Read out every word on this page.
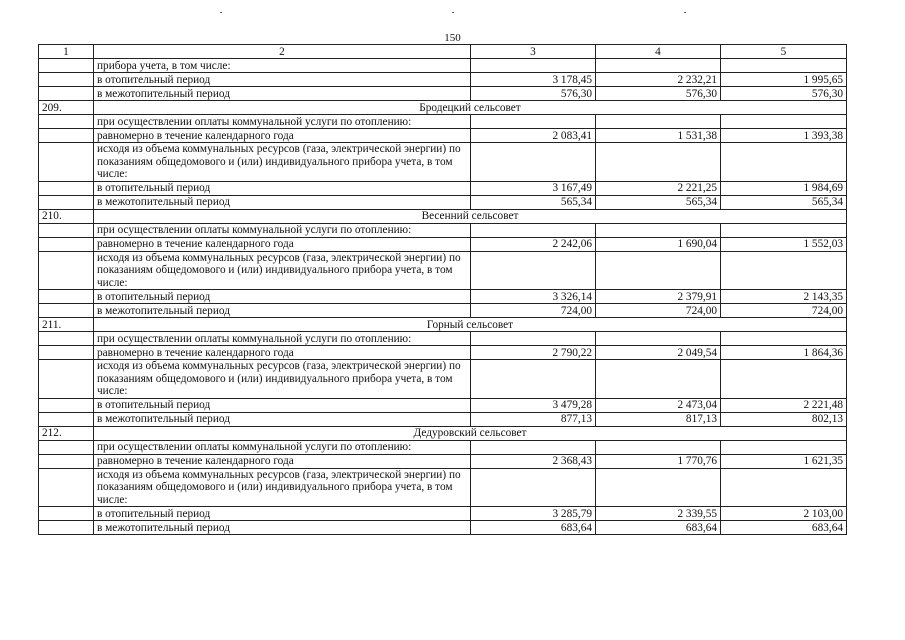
150
1	2	3	4	5
	прибора учета, в том числе:			
	в отопительный период	3 178,45	2 232,21	1 995,65
	в межотопительный период	576,30	576,30	576,30
209.	Бродецкий сельсовет			
	при осуществлении оплаты коммунальной услуги по отоплению:			
	равномерно в течение календарного года	2 083,41	1 531,38	1 393,38
	исходя из объема коммунальных ресурсов (газа, электрической энергии) по показаниям общедомового и (или) индивидуального прибора учета, в том числе:			
	в отопительный период	3 167,49	2 221,25	1 984,69
	в межотопительный период	565,34	565,34	565,34
210.	Весенний сельсовет			
	при осуществлении оплаты коммунальной услуги по отоплению:			
	равномерно в течение календарного года	2 242,06	1 690,04	1 552,03
	исходя из объема коммунальных ресурсов (газа, электрической энергии) по показаниям общедомового и (или) индивидуального прибора учета, в том числе:			
	в отопительный период	3 326,14	2 379,91	2 143,35
	в межотопительный период	724,00	724,00	724,00
211.	Горный сельсовет			
	при осуществлении оплаты коммунальной услуги по отоплению:			
	равномерно в течение календарного года	2 790,22	2 049,54	1 864,36
	исходя из объема коммунальных ресурсов (газа, электрической энергии) по показаниям общедомового и (или) индивидуального прибора учета, в том числе:			
	в отопительный период	3 479,28	2 473,04	2 221,48
	в межотопительный период	877,13	817,13	802,13
212.	Дедуровский сельсовет			
	при осуществлении оплаты коммунальной услуги по отоплению:			
	равномерно в течение календарного года	2 368,43	1 770,76	1 621,35
	исходя из объема коммунальных ресурсов (газа, электрической энергии) по показаниям общедомового и (или) индивидуального прибора учета, в том числе:			
	в отопительный период	3 285,79	2 339,55	2 103,00
	в межотопительный период	683,64	683,64	683,64
